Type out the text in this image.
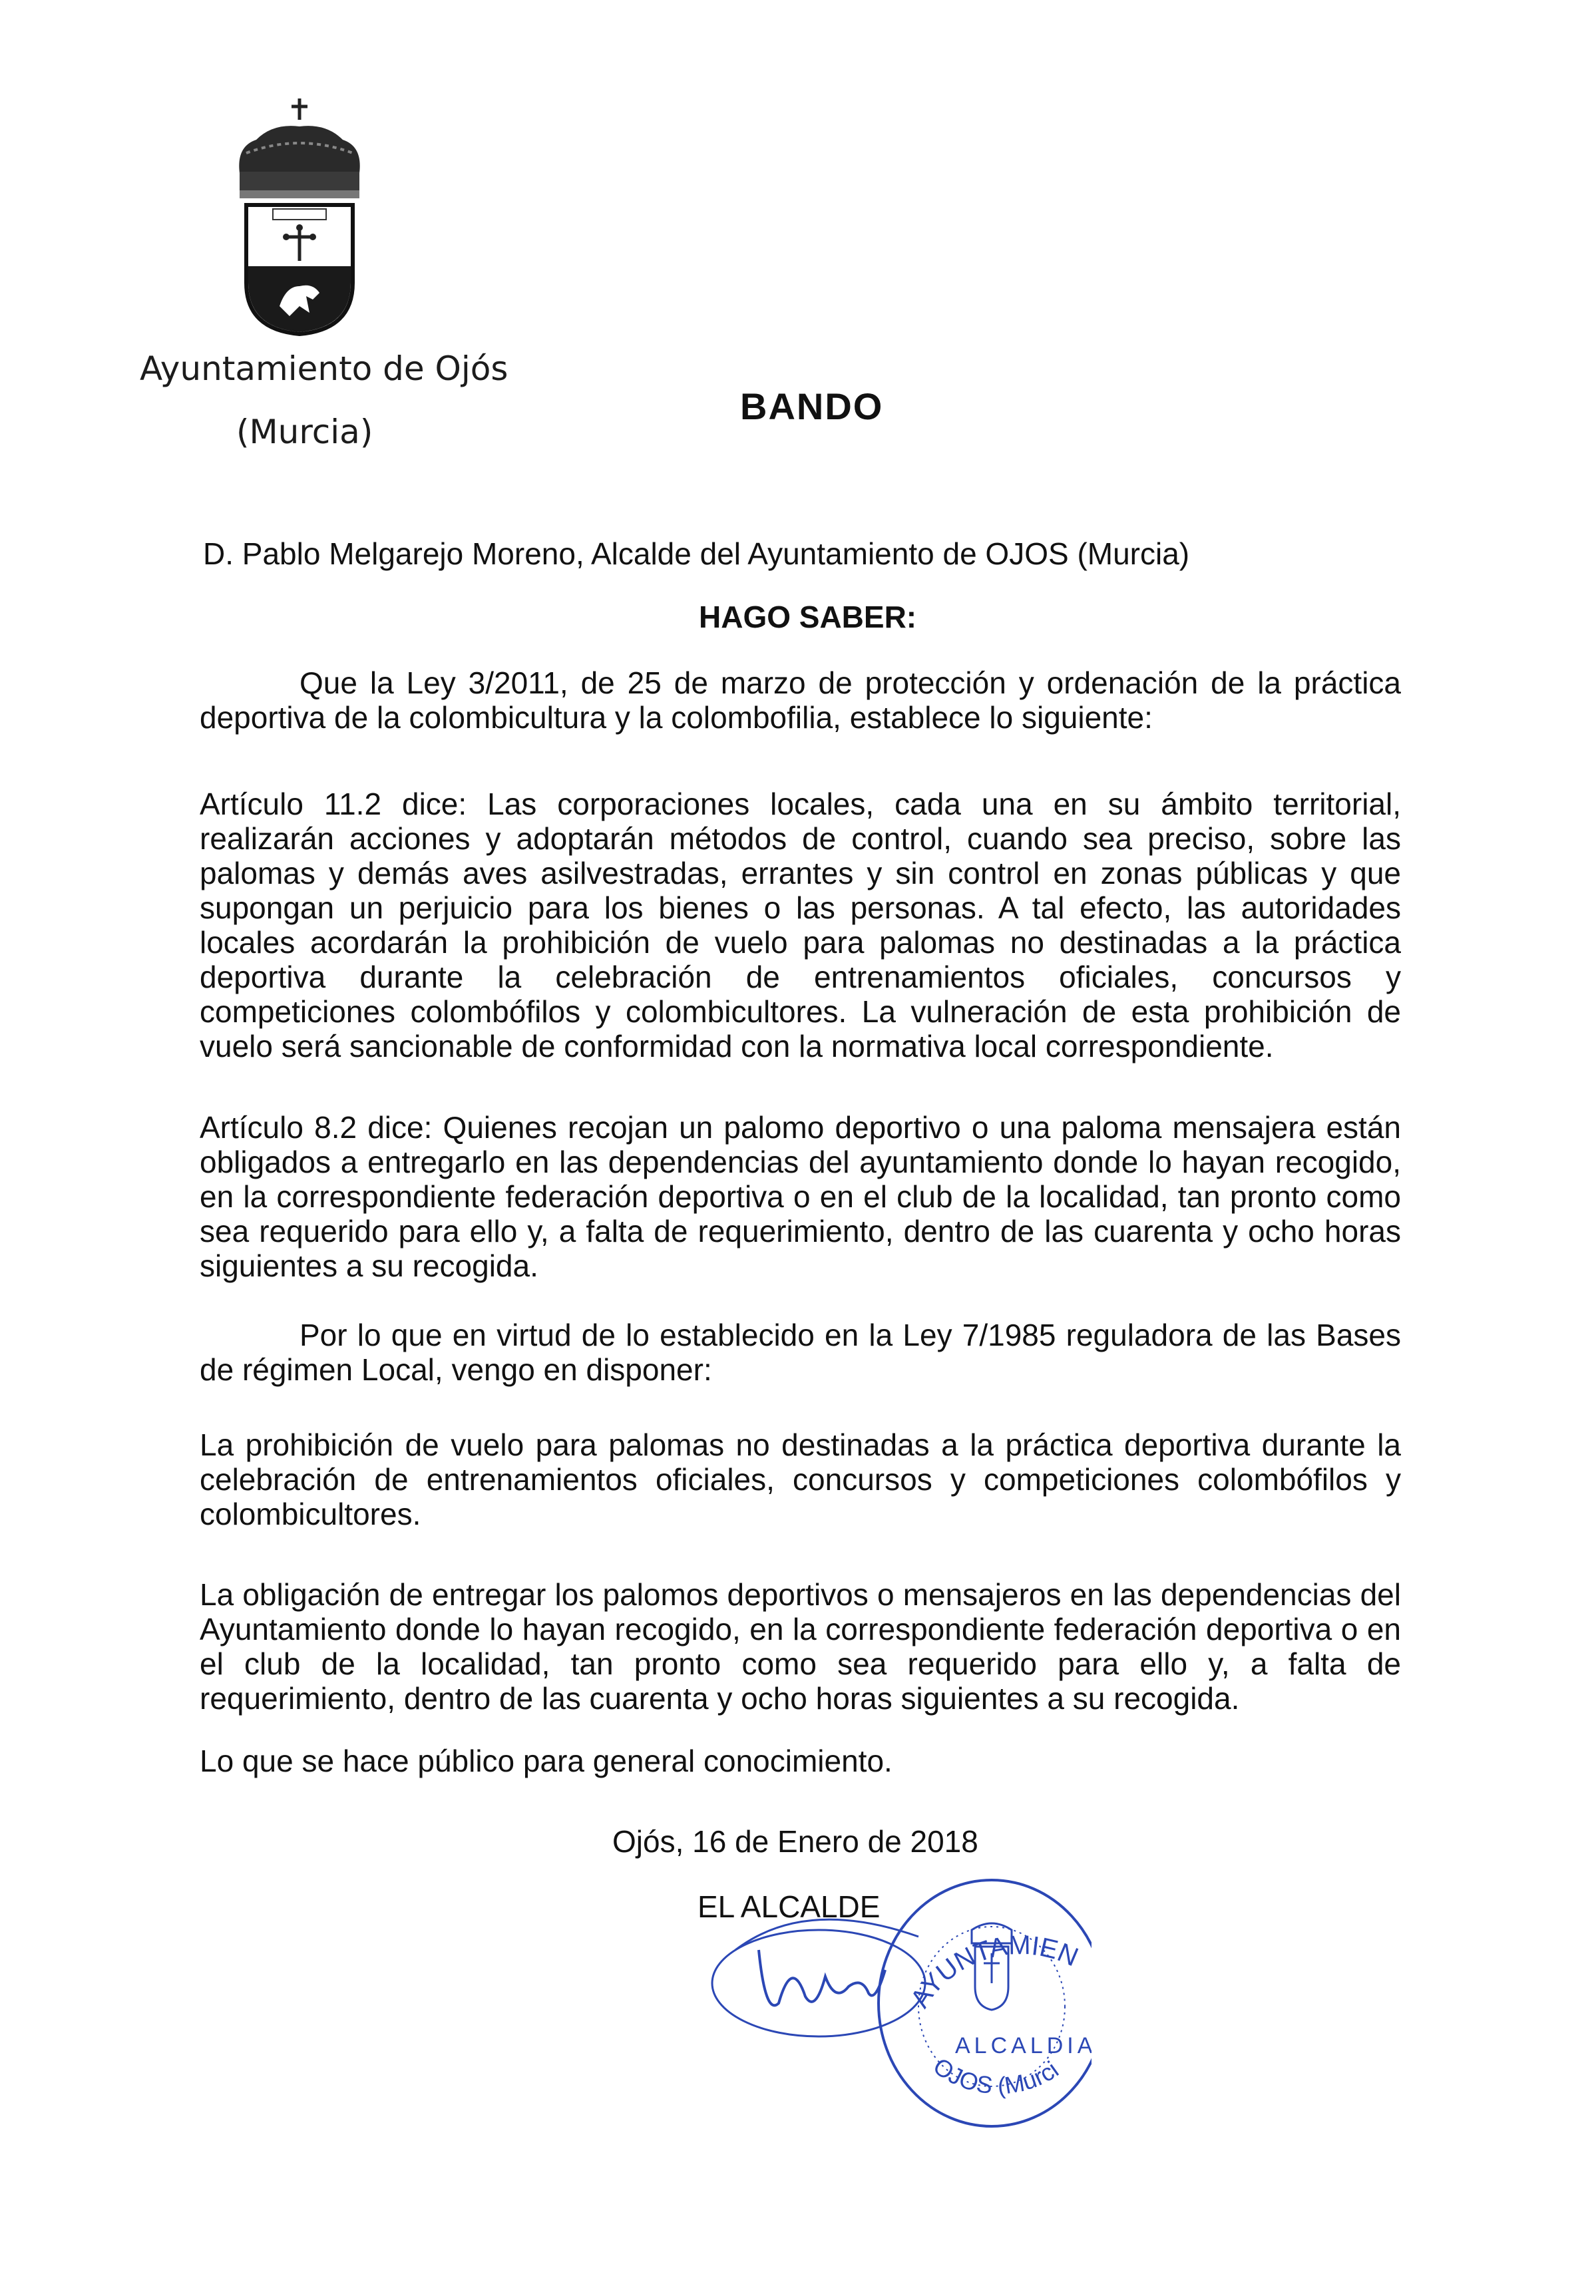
Ayuntamiento de Ojós
(Murcia)
BANDO
D. Pablo Melgarejo Moreno, Alcalde del Ayuntamiento de OJOS (Murcia)
HAGO SABER:
Que la Ley 3/2011, de 25 de marzo de protección y ordenación de la práctica deportiva de la colombicultura y la colombofilia, establece lo siguiente:
Artículo 11.2 dice: Las corporaciones locales, cada una en su ámbito territorial, realizarán acciones y adoptarán métodos de control, cuando sea preciso, sobre las palomas y demás aves asilvestradas, errantes y sin control en zonas públicas y que supongan un perjuicio para los bienes o las personas. A tal efecto, las autoridades locales acordarán la prohibición de vuelo para palomas no destinadas a la práctica deportiva durante la celebración de entrenamientos oficiales, concursos y competiciones colombófilos y colombicultores. La vulneración de esta prohibición de vuelo será sancionable de conformidad con la normativa local correspondiente.
Artículo 8.2 dice: Quienes recojan un palomo deportivo o una paloma mensajera están obligados a entregarlo en las dependencias del ayuntamiento donde lo hayan recogido, en la correspondiente federación deportiva o en el club de la localidad, tan pronto como sea requerido para ello y, a falta de requerimiento, dentro de las cuarenta y ocho horas siguientes a su recogida.
Por lo que en virtud de lo establecido en la Ley 7/1985 reguladora de las Bases de régimen Local, vengo en disponer:
La prohibición de vuelo para palomas no destinadas a la práctica deportiva durante la celebración de entrenamientos oficiales, concursos y competiciones colombófilos y colombicultores.
La obligación de entregar los palomos deportivos o mensajeros en las dependencias del Ayuntamiento donde lo hayan recogido, en la correspondiente federación deportiva o en el club de la localidad, tan pronto como sea requerido para ello y, a falta de requerimiento, dentro de las cuarenta y ocho horas siguientes a su recogida.
Lo que se hace público para general conocimiento.
Ojós, 16 de Enero de 2018
EL ALCALDE
AYUNTAMIEN
ALCALDIA
OJOS (Murci
